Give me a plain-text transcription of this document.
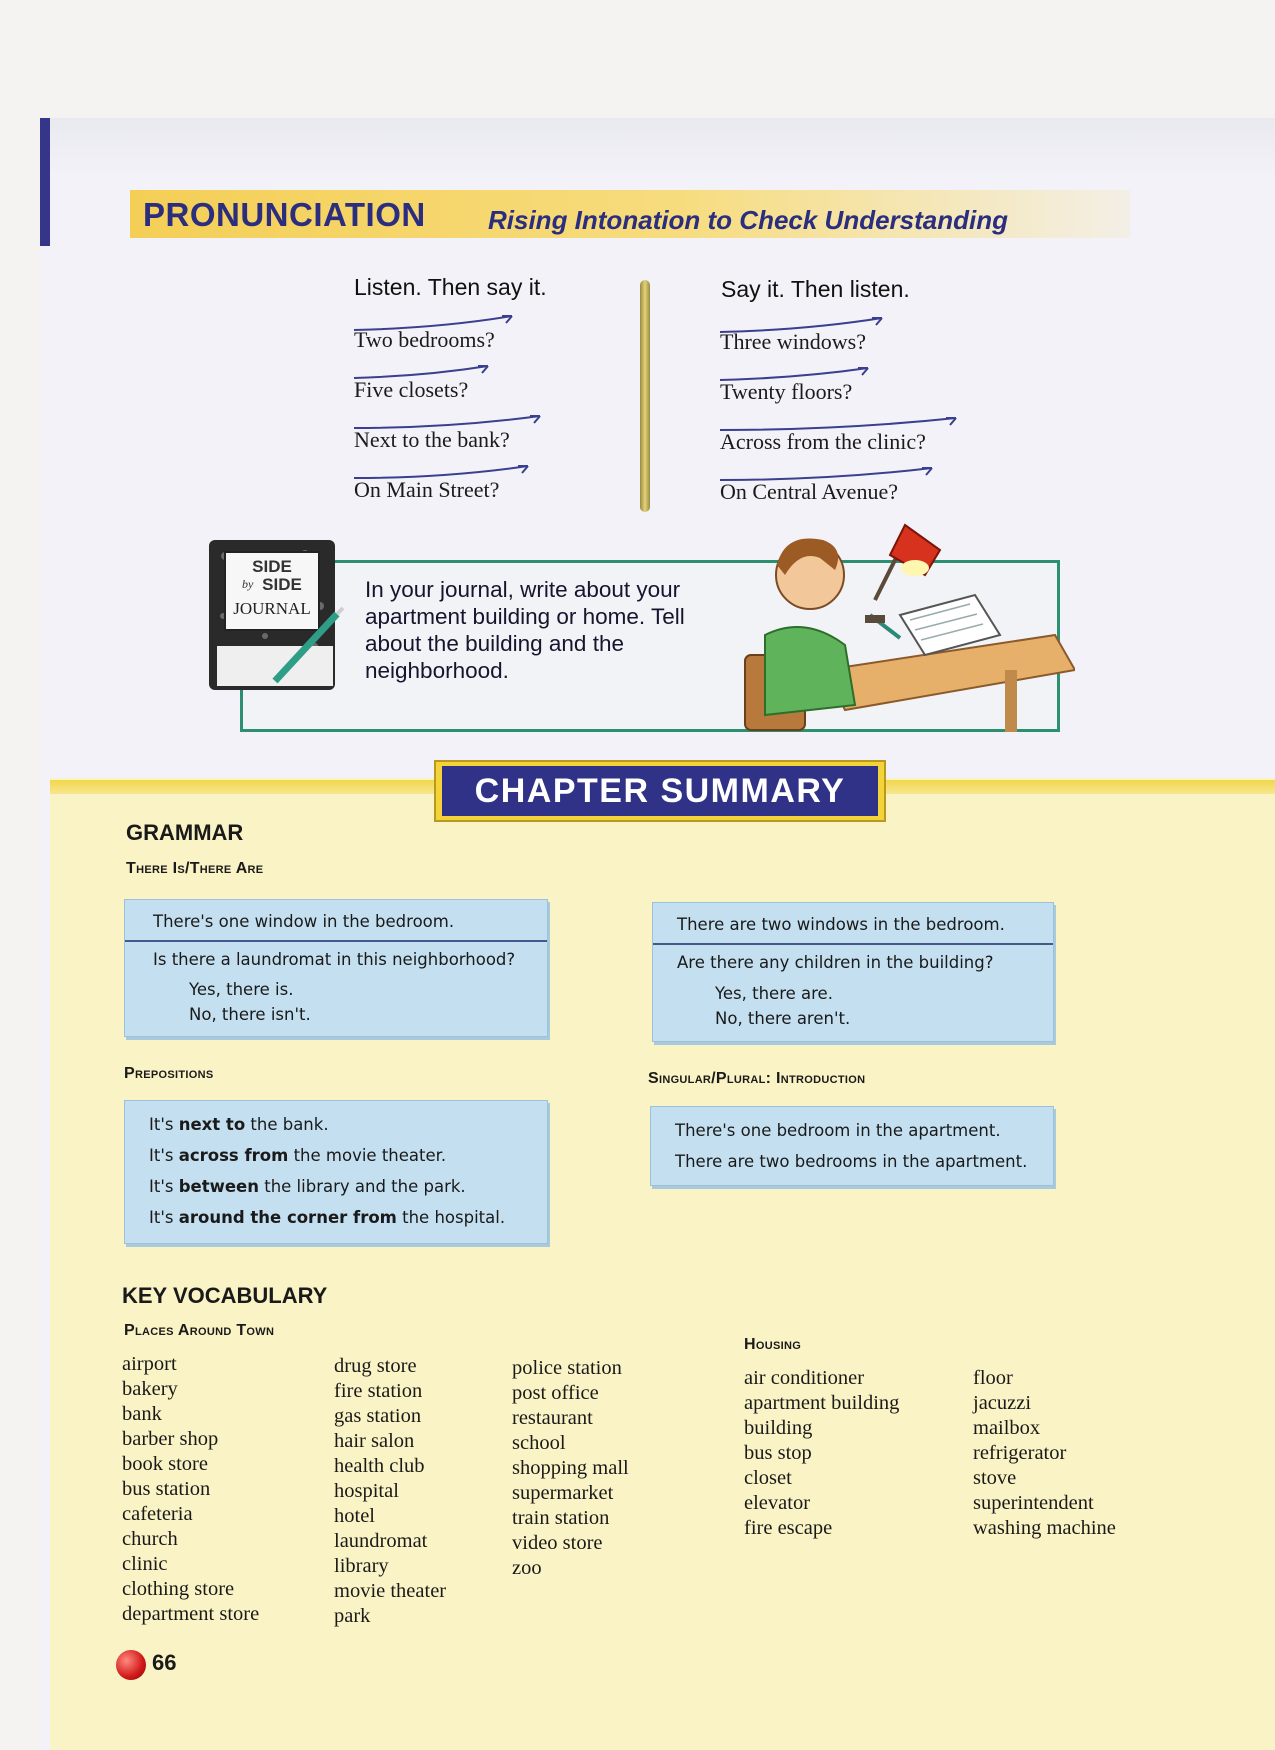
PRONUNCIATION Rising Intonation to Check Understanding
Listen. Then say it.	Say it. Then listen.
Two bedrooms?
Five closets?
Next to the bank?
On Main Street?
Three windows?
Twenty floors?
Across from the clinic?
On Central Avenue?
SIDE
by SIDE
JOURNAL
In your journal, write about your apartment building or home. Tell about the building and the neighborhood.
CHAPTER SUMMARY
GRAMMAR
There Is/There Are
There's one window in the bedroom.
Is there a laundromat in this neighborhood?
Yes, there is.
No, there isn't.
There are two windows in the bedroom.
Are there any children in the building?
Yes, there are.
No, there aren't.
Prepositions
It's next to the bank.
It's across from the movie theater.
It's between the library and the park.
It's around the corner from the hospital.
Singular/Plural: Introduction
There's one bedroom in the apartment.
There are two bedrooms in the apartment.
KEY VOCABULARY
Places Around Town
Housing
airport
bakery
bank
barber shop
book store
bus station
cafeteria
church
clinic
clothing store
department store
drug store
fire station
gas station
hair salon
health club
hospital
hotel
laundromat
library
movie theater
park
police station
post office
restaurant
school
shopping mall
supermarket
train station
video store
zoo
air conditioner
apartment building
building
bus stop
closet
elevator
fire escape
floor
jacuzzi
mailbox
refrigerator
stove
superintendent
washing machine
66
